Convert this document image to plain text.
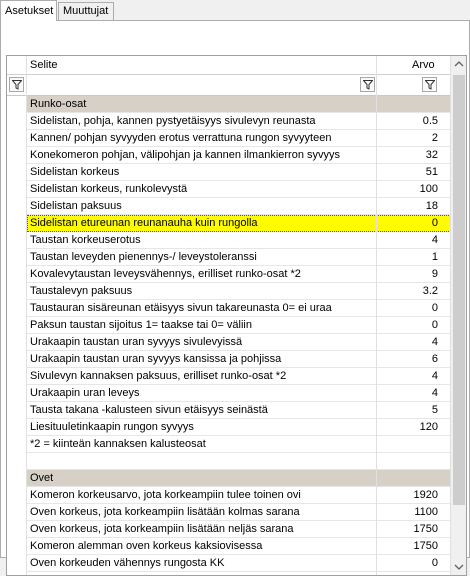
Asetukset Muuttujat
Selite	Arvo
Runko-osat
Sidelistan, pohja, kannen pystyetäisyys sivulevyn reunasta	0.5
Kannen/ pohjan syvyyden erotus verrattuna rungon syvyyteen	2
Konekomeron pohjan, välipohjan ja kannen ilmankierron syvyys	32
Sidelistan korkeus	51
Sidelistan korkeus, runkolevystä	100
Sidelistan paksuus	18
Sidelistan etureunan reunanauha kuin rungolla	0
Taustan korkeuserotus	4
Taustan leveyden pienennys-/ leveystoleranssi	1
Kovalevytaustan leveysvähennys, erilliset runko-osat *2	9
Taustalevyn paksuus	3.2
Taustauran sisäreunan etäisyys sivun takareunasta 0= ei uraa	0
Paksun taustan sijoitus 1= taakse tai 0= väliin	0
Urakaapin taustan uran syvyys sivulevyissä	4
Urakaapin taustan uran syvyys kansissa ja pohjissa	6
Sivulevyn kannaksen paksuus, erilliset runko-osat *2	4
Urakaapin uran leveys	4
Tausta takana -kalusteen sivun etäisyys seinästä	5
Liesituuletinkaapin rungon syvyys	120
*2 = kiinteän kannaksen kalusteosat
Ovet
Komeron korkeusarvo, jota korkeampiin tulee toinen ovi	1920
Oven korkeus, jota korkeampiin lisätään kolmas sarana	1100
Oven korkeus, jota korkeampiin lisätään neljäs sarana	1750
Komeron alemman oven korkeus kaksiovisessa	1750
Oven korkeuden vähennys rungosta KK	0
